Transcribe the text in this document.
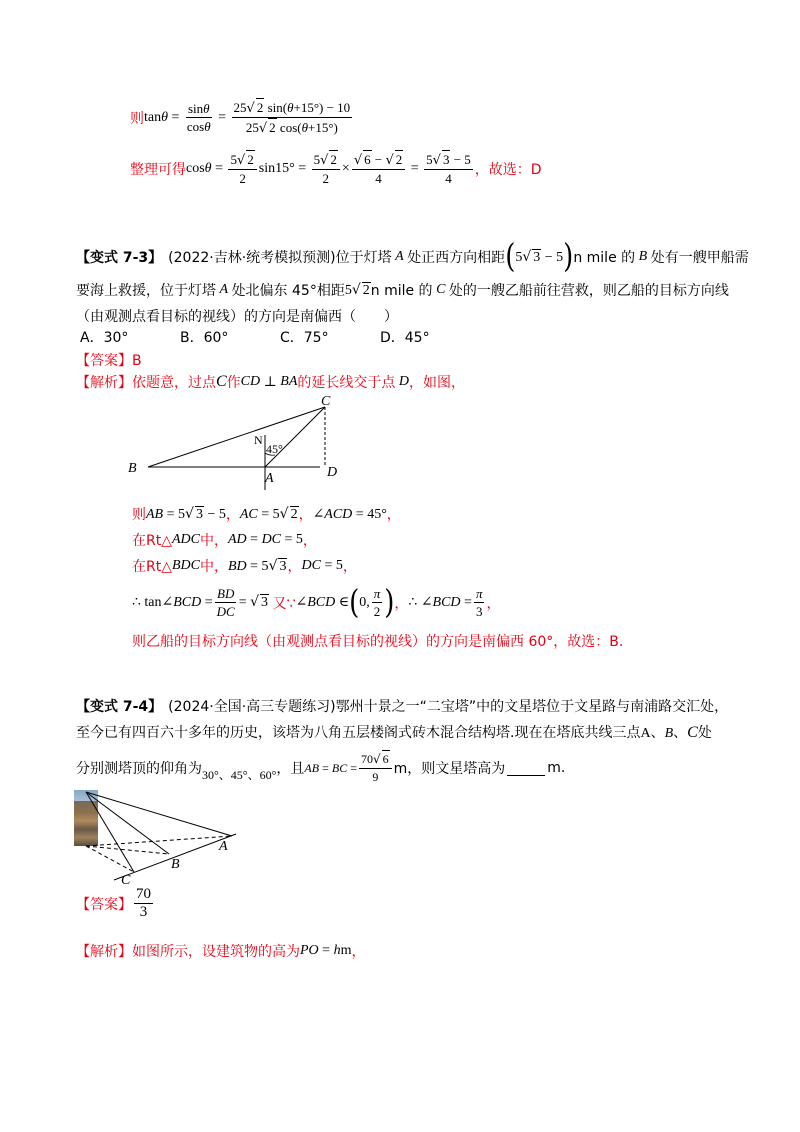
则 $\tan \theta = \frac{\sin\theta}{\cos\theta} = \frac{25√ 2 \sin(\theta+15^\circ) - 10}{25√ 2 \cos(\theta+15^\circ)}$
整理可得 $\cos \theta = \frac{5√ 2}{2} \sin 15^\circ = \frac{5√ 2}{2} \times \frac{√ 6 - √ 2}{4} = \frac{5√ 3 - 5}{4}$ ，故选：D
【变式 7-3】 (2022·吉林·统考模拟预测) 位于灯塔 A 处正西方向相距 ( 5√ 3 − 5 ) n mile 的 B 处有一艘甲船需
要海上救援，位于灯塔 A 处北偏东 45°相距 5√ 2 n mile 的 C 处的一艘乙船前往营救，则乙船的目标方向线
（由观测点看目标的视线）的方向是南偏西（　　）
A．30°	B．60°	C．75°	D．45°
【答案】B
【解析】 依题意，过点 C 作 CD ⊥ BA 的延长线交于点 D ，如图，
C
N
45°
B
A	D
则 AB = 5√ 3 − 5 ， AC = 5√ 2 ， ∠ACD = 45° ，
在Rt△ ADC 中， AD = DC = 5 ，
在Rt△ BDC 中， BD = 5√ 3 ， DC = 5 ，
∴ tan∠BCD = $\frac{BD}{DC}$ = √ 3 又∵ ∠BCD ∈ ( 0, $\frac{\pi}{2}$ ) ， ∴ ∠BCD = $\frac{\pi}{3}$ ，
则乙船的目标方向线（由观测点看目标的视线）的方向是南偏西 60°，故选：B.
【变式 7-4】 (2024·全国·高三专题练习) 鄂州十景之一“二宝塔”中的文星塔位于文星路与南浦路交汇处，
至今已有四百六十多年的历史，该塔为八角五层楼阁式砖木混合结构塔.现在在塔底共线三点 A、B、C 处
分别测塔顶的仰角为 30°、45°、60° ，且 AB = BC = $\frac{70√ 6}{9}$ m，则文星塔高为	m.
A
B
C
【答案】 $\frac{70}{3}$
【解析】 如图所示，设建筑物的高为 PO = hm ，
